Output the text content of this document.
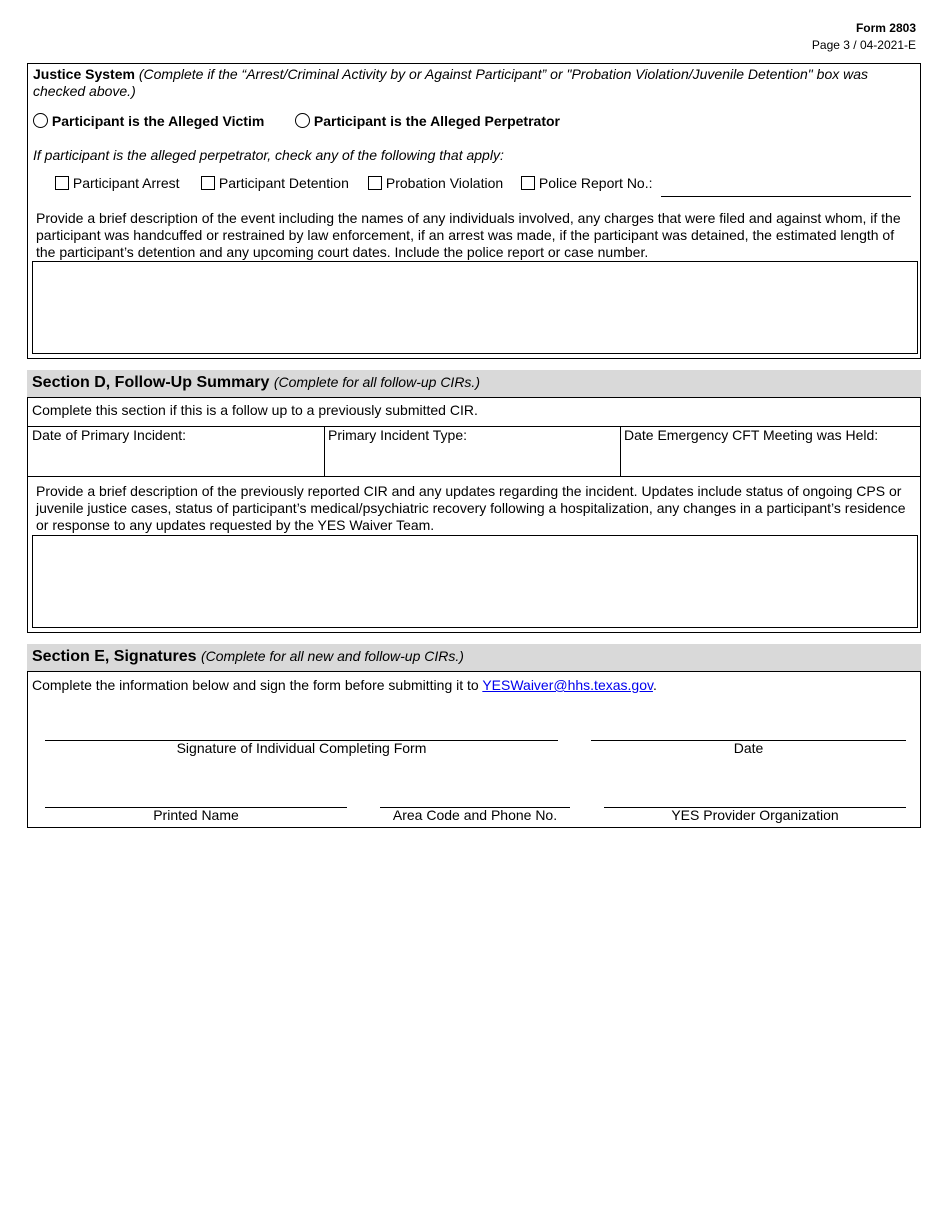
Form 2803
Page 3 / 04-2021-E
Justice System (Complete if the “Arrest/Criminal Activity by or Against Participant” or "Probation Violation/Juvenile Detention" box was checked above.)
Participant is the Alleged Victim	Participant is the Alleged Perpetrator
If participant is the alleged perpetrator, check any of the following that apply:
Participant Arrest	Participant Detention	Probation Violation	Police Report No.:
Provide a brief description of the event including the names of any individuals involved, any charges that were filed and against whom, if the participant was handcuffed or restrained by law enforcement, if an arrest was made, if the participant was detained, the estimated length of the participant’s detention and any upcoming court dates. Include the police report or case number.
Section D, Follow-Up Summary (Complete for all follow-up CIRs.)
Complete this section if this is a follow up to a previously submitted CIR.
Date of Primary Incident:	Primary Incident Type:	Date Emergency CFT Meeting was Held:
Provide a brief description of the previously reported CIR and any updates regarding the incident. Updates include status of ongoing CPS or juvenile justice cases, status of participant’s medical/psychiatric recovery following a hospitalization, any changes in a participant’s residence or response to any updates requested by the YES Waiver Team.
Section E, Signatures (Complete for all new and follow-up CIRs.)
Complete the information below and sign the form before submitting it to YESWaiver@hhs.texas.gov.
Signature of Individual Completing Form	Date
Printed Name	Area Code and Phone No.	YES Provider Organization
